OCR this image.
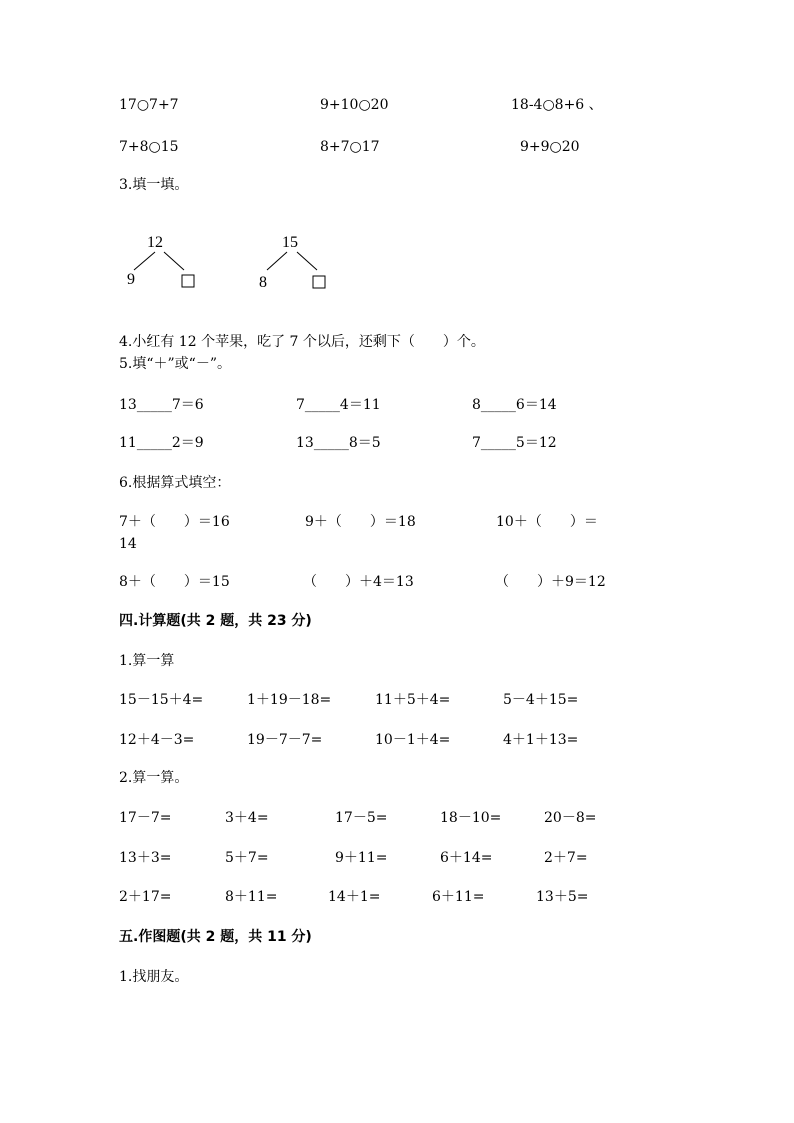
17○7+7	9+10○20	18-4○8+6 、
7+8○15	8+7○17	9+9○20
3.填一填。
12
9
15
8
4.小红有 12 个苹果，吃了 7 个以后，还剩下（　　）个。
5.填“＋”或“－”。
13_____7＝6	7_____4＝11	8_____6＝14
11_____2＝9	13_____8＝5	7_____5＝12
6.根据算式填空：
7＋（　　）＝16	9＋（　　）＝18	10＋（　　）＝
14
8＋（　　）＝15	（　　）＋4＝13	（　　）＋9＝12
四.计算题(共 2 题，共 23 分)
1.算一算
15－15＋4=	1＋19－18=	11＋5＋4=	5－4＋15=
12＋4－3=	19－7－7=	10－1＋4=	4＋1＋13=
2.算一算。
17－7=	3＋4=	17－5=	18－10=	20－8=
13＋3=	5＋7=	9＋11=	6＋14=	2＋7=
2＋17=	8＋11=	14＋1=	6＋11=	13＋5=
五.作图题(共 2 题，共 11 分)
1.找朋友。
